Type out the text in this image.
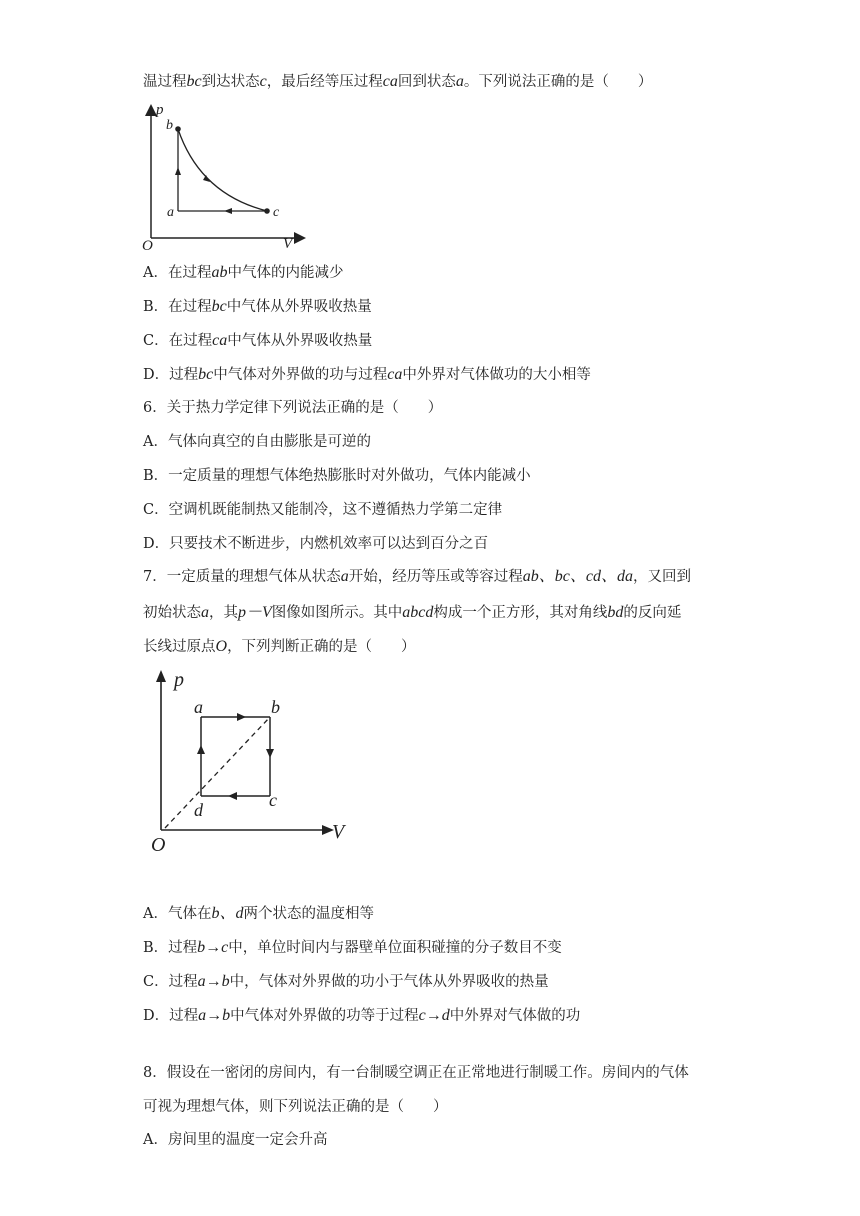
温过程bc到达状态c，最后经等压过程ca回到状态a。下列说法正确的是（　　）
p
V
O
b
a	c
A．在过程ab中气体的内能减少
B．在过程bc中气体从外界吸收热量
C．在过程ca中气体从外界吸收热量
D．过程bc中气体对外界做的功与过程ca中外界对气体做功的大小相等
6．关于热力学定律下列说法正确的是（　　）
A．气体向真空的自由膨胀是可逆的
B．一定质量的理想气体绝热膨胀时对外做功，气体内能减小
C．空调机既能制热又能制冷，这不遵循热力学第二定律
D．只要技术不断进步，内燃机效率可以达到百分之百
7．一定质量的理想气体从状态a开始，经历等压或等容过程ab、bc、cd、da，又回到
初始状态a，其p－V图像如图所示。其中abcd构成一个正方形，其对角线bd的反向延
长线过原点O，下列判断正确的是（　　）
p
V
O
a	b
c
d
A．气体在b、d两个状态的温度相等
B．过程b→c中，单位时间内与器壁单位面积碰撞的分子数目不变
C．过程a→b中，气体对外界做的功小于气体从外界吸收的热量
D．过程a→b中气体对外界做的功等于过程c→d中外界对气体做的功
8．假设在一密闭的房间内，有一台制暖空调正在正常地进行制暖工作。房间内的气体
可视为理想气体，则下列说法正确的是（　　）
A．房间里的温度一定会升高
